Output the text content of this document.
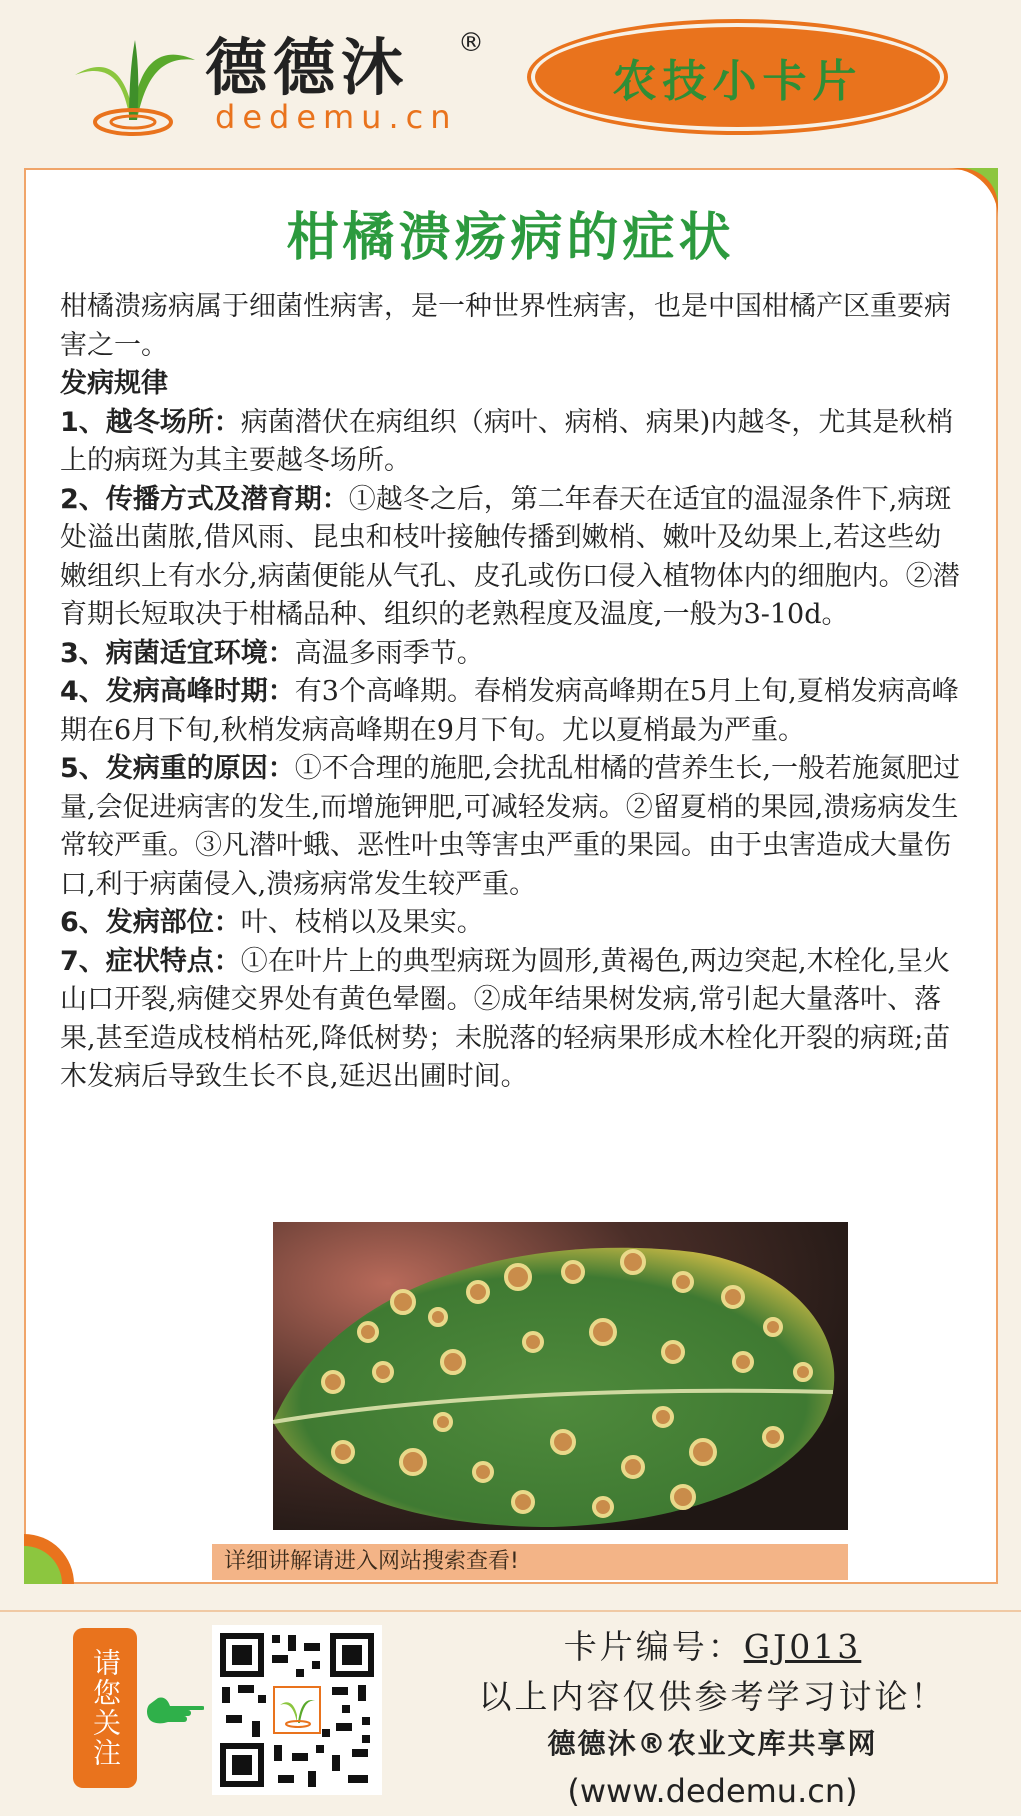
德德沐 ®
dedemu.cn
农技小卡片
柑橘溃疡病的症状

柑橘溃疡病属于细菌性病害，是一种世界性病害，也是中国柑橘产区重要病害之一。

发病规律

1、越冬场所：病菌潜伏在病组织（病叶、病梢、病果)内越冬，尤其是秋梢上的病斑为其主要越冬场所。

2、传播方式及潜育期：①越冬之后，第二年春天在适宜的温湿条件下,病斑处溢出菌脓,借风雨、昆虫和枝叶接触传播到嫩梢、嫩叶及幼果上,若这些幼嫩组织上有水分,病菌便能从气孔、皮孔或伤口侵入植物体内的细胞内。②潜育期长短取决于柑橘品种、组织的老熟程度及温度,一般为3-10d。

3、病菌适宜环境：高温多雨季节。

4、发病高峰时期：有3个高峰期。春梢发病高峰期在5月上旬,夏梢发病高峰期在6月下旬,秋梢发病高峰期在9月下旬。尤以夏梢最为严重。

5、发病重的原因：①不合理的施肥,会扰乱柑橘的营养生长,一般若施氮肥过量,会促进病害的发生,而增施钾肥,可减轻发病。②留夏梢的果园,溃疡病发生常较严重。③凡潜叶蛾、恶性叶虫等害虫严重的果园。由于虫害造成大量伤口,利于病菌侵入,溃疡病常发生较严重。

6、发病部位：叶、枝梢以及果实。

7、症状特点：①在叶片上的典型病斑为圆形,黄褐色,两边突起,木栓化,呈火山口开裂,病健交界处有黄色晕圈。②成年结果树发病,常引起大量落叶、落果,甚至造成枝梢枯死,降低树势；未脱落的轻病果形成木栓化开裂的病斑;苗木发病后导致生长不良,延迟出圃时间。

详细讲解请进入网站搜索查看!
请您关注
卡片编号：GJ013
以上内容仅供参考学习讨论！
德德沐®农业文库共享网
(www.dedemu.cn)
